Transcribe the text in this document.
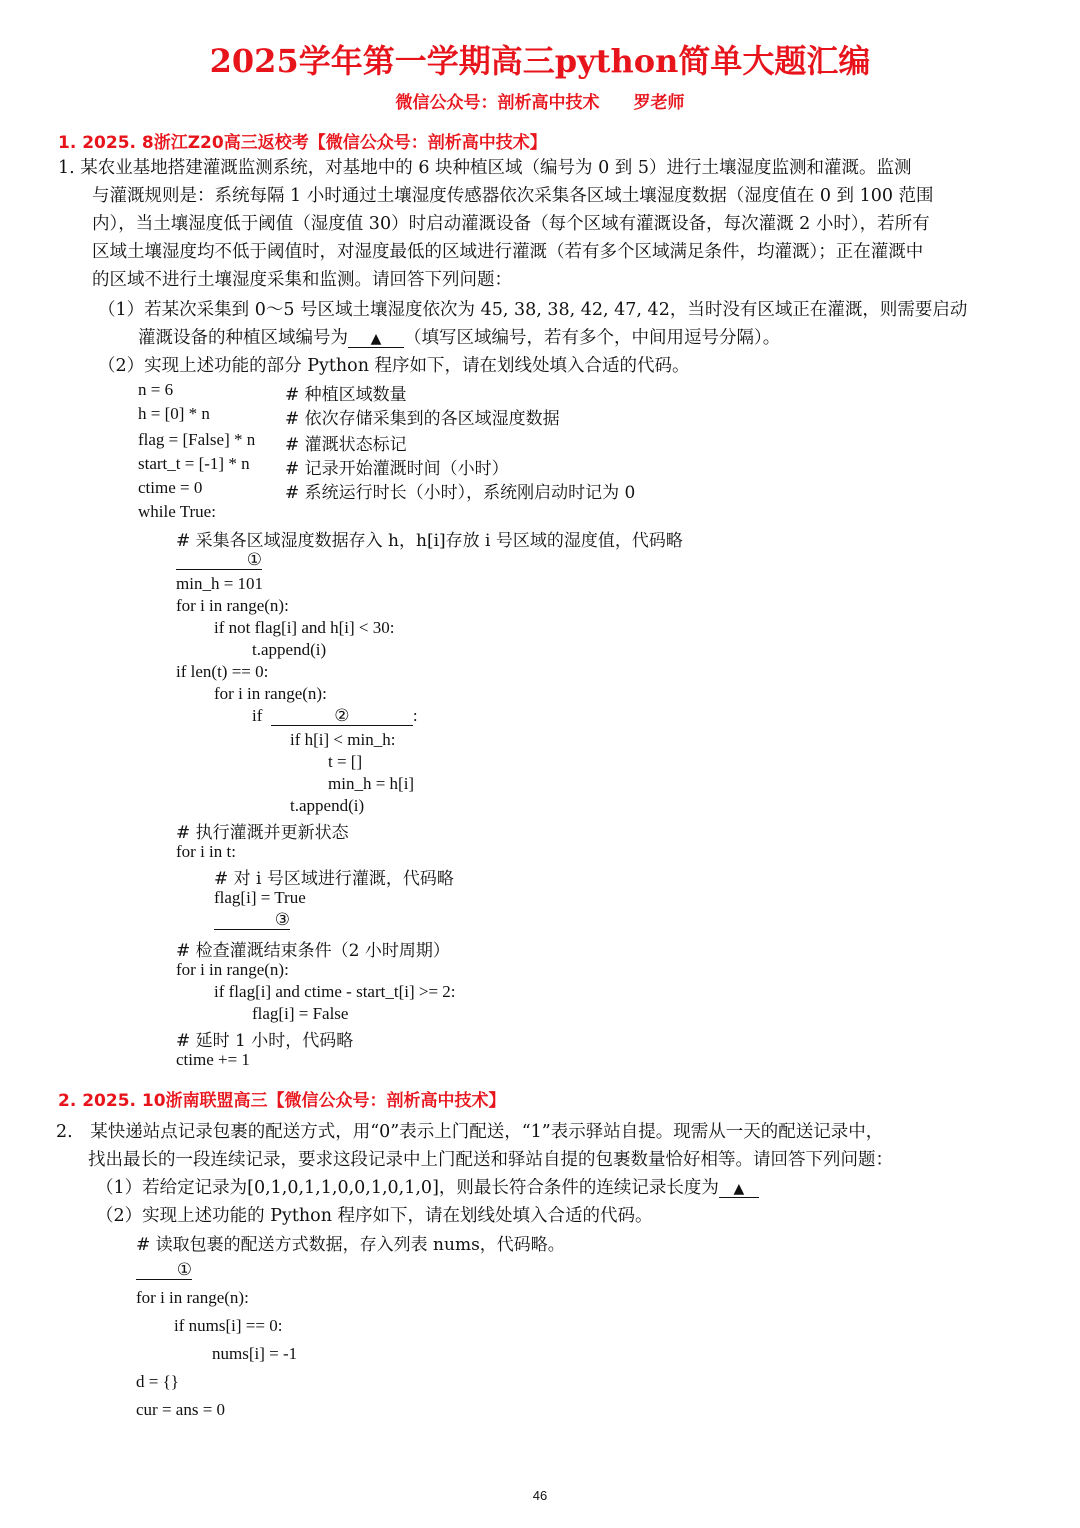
2025学年第一学期高三python简单大题汇编
微信公众号：剖析高中技术　　罗老师
1. 2025. 8浙江Z20高三返校考【微信公众号：剖析高中技术】
1. 某农业基地搭建灌溉监测系统，对基地中的 6 块种植区域（编号为 0 到 5）进行土壤湿度监测和灌溉。监测
与灌溉规则是：系统每隔 1 小时通过土壤湿度传感器依次采集各区域土壤湿度数据（湿度值在 0 到 100 范围
内），当土壤湿度低于阈值（湿度值 30）时启动灌溉设备（每个区域有灌溉设备，每次灌溉 2 小时），若所有
区域土壤湿度均不低于阈值时，对湿度最低的区域进行灌溉（若有多个区域满足条件，均灌溉）；正在灌溉中
的区域不进行土壤湿度采集和监测。请回答下列问题：
（1）若某次采集到 0～5 号区域土壤湿度依次为 45, 38, 38, 42, 47, 42，当时没有区域正在灌溉，则需要启动
灌溉设备的种植区域编号为 ▲ （填写区域编号，若有多个，中间用逗号分隔）。
（2）实现上述功能的部分 Python 程序如下，请在划线处填入合适的代码。
n = 6	# 种植区域数量
h = [0] * n	# 依次存储采集到的各区域湿度数据
flag = [False] * n # 灌溉状态标记
start_t = [-1] * n # 记录开始灌溉时间（小时）
ctime = 0	# 系统运行时长（小时），系统刚启动时记为 0
while True:
# 采集各区域湿度数据存入 h，h[i]存放 i 号区域的湿度值，代码略
①
min_h = 101
for i in range(n):
if not flag[i] and h[i] < 30:
t.append(i)
if len(t) == 0:
for i in range(n):
if	②	:
if h[i] < min_h:
t = []
min_h = h[i]
t.append(i)
# 执行灌溉并更新状态
for i in t:
# 对 i 号区域进行灌溉，代码略
flag[i] = True
③
# 检查灌溉结束条件（2 小时周期）
for i in range(n):
if flag[i] and ctime - start_t[i] >= 2:
flag[i] = False
# 延时 1 小时，代码略
ctime += 1
2. 2025. 10浙南联盟高三【微信公众号：剖析高中技术】
2.　某快递站点记录包裹的配送方式，用“0”表示上门配送，“1”表示驿站自提。现需从一天的配送记录中，
找出最长的一段连续记录，要求这段记录中上门配送和驿站自提的包裹数量恰好相等。请回答下列问题：
（1）若给定记录为[0,1,0,1,1,0,0,1,0,1,0]，则最长符合条件的连续记录长度为 ▲
（2）实现上述功能的 Python 程序如下，请在划线处填入合适的代码。
# 读取包裹的配送方式数据，存入列表 nums，代码略。
①
for i in range(n):
if nums[i] == 0:
nums[i] = -1
d = {}
cur = ans = 0
46
